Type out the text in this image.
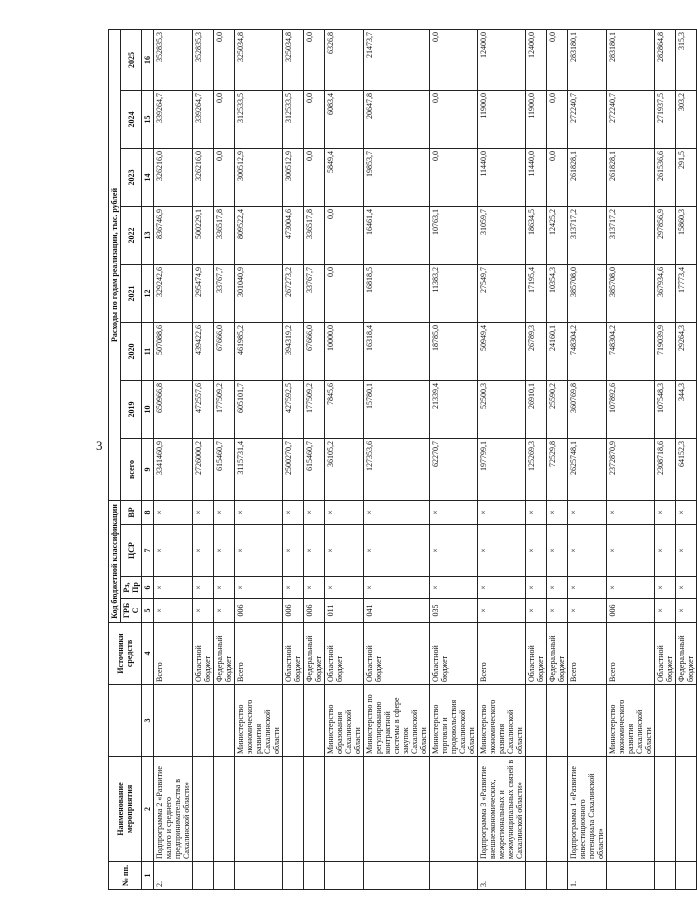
3
№ пп.	Наименование мероприятия		Источники средств	Код бюджетной классификации				Расходы по годам реализации, тыс. рублей							
				ГРБС	Рз, Пр	ЦСР	ВР	всего	2019	2020	2021	2022	2023	2024	2025
1	2	3	4	5	6	7	8	9	10	11	12	13	14	15	16
2.	Подпрограмма 2 «Развитие малого и среднего предпринимательства в Сахалинской области»		Всего	×	×	×	×	3341460,9	650966,8	507088,6	329242,6	836746,9	326216,0	339264,7	352835,3
			Областной бюджет	×	×	×	×	2726000,2	472557,6	439422,6	295474,9	500229,1	326216,0	339264,7	352835,3
			Федеральный бюджет	×	×	×	×	615460,7	177509,2	67666,0	33767,7	336517,8	0,0	0,0	0,0
		Министерство экономического развития Сахалинской области	Всего	006	×	×	×	3115731,4	605101,7	461985,2	301040,9	809522,4	300512,9	312533,5	325034,8
			Областной бюджет	006	×	×	×	2500270,7	427592,5	394319,2	267273,2	473004,6	300512,9	312533,5	325034,8
			Федеральный бюджет	006	×	×	×	615460,7	177509,2	67666,0	33767,7	336517,8	0,0	0,0	0,0
		Министерство образования Сахалинской области	Областной бюджет	011	×	×	×	36105,2	7845,6	10000,0	0,0	0,0	5849,4	6083,4	6326,8
		Министерство по регулированию контрактной системы в сфере закупок Сахалинской области	Областной бюджет	041	×	×	×	127353,6	15780,1	16318,4	16818,5	16461,4	19853,7	20647,8	21473,7
		Министерство торговли и продовольствия Сахалинской области	Областной бюджет	035	×	×	×	62270,7	21339,4	18785,0	11383,2	10763,1	0,0	0,0	0,0
3.	Подпрограмма 3 «Развитие внешнеэкономических, межрегиональных и межмуниципальных связей в Сахалинской области»	Министерство экономического развития Сахалинской области	Всего	×	×	×	×	197799,1	52500,3	50949,4	27549,7	31059,7	11440,0	11900,0	12400,0
			Областной бюджет	×	×	×	×	125269,3	26910,1	26789,3	17195,4	18634,5	11440,0	11900,0	12400,0
			Федеральный бюджет	×	×	×	×	72529,8	25590,2	24160,1	10354,3	12425,2	0,0	0,0	0,0
1.	Подпрограмма 1 «Развитие инвестиционного потенциала Сахалинской области»		Всего	×	×	×	×	2625748,1	360769,8	748304,2	385708,0	313717,2	261828,1	272240,7	283180,1
		Министерство экономического развития Сахалинской области	Всего	006	×	×	×	2372870,9	107892,6	748304,2	385708,0	313717,2	261828,1	272240,7	283180,1
			Областной бюджет	×	×	×	×	2308718,6	107548,3	719039,9	367934,6	297856,9	261536,6	271937,5	282864,8
			Федеральный бюджет	×	×	×	×	64152,3	344,3	29264,3	17773,4	15860,3	291,5	303,2	315,3
